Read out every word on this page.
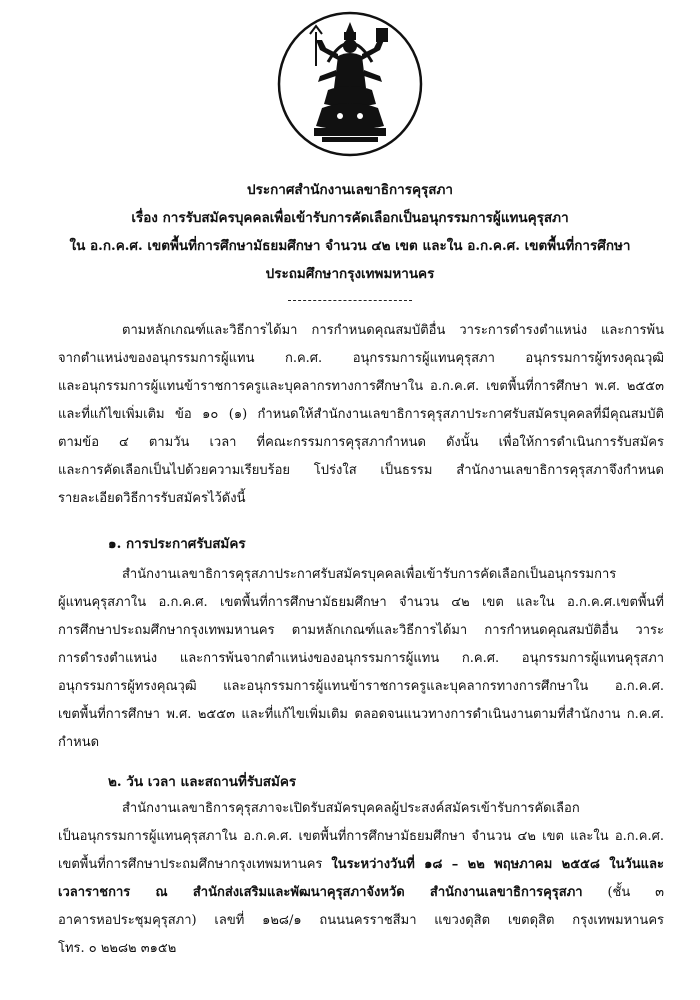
ประกาศสำนักงานเลขาธิการคุรุสภา
เรื่อง การรับสมัครบุคคลเพื่อเข้ารับการคัดเลือกเป็นอนุกรรมการผู้แทนคุรุสภา
ใน อ.ก.ค.ศ. เขตพื้นที่การศึกษามัธยมศึกษา จำนวน ๔๒ เขต และใน อ.ก.ค.ศ. เขตพื้นที่การศึกษา
ประถมศึกษากรุงเทพมหานคร
ตามหลักเกณฑ์และวิธีการได้มา การกำหนดคุณสมบัติอื่น วาระการดำรงตำแหน่ง และการพ้น
จากตำแหน่งของอนุกรรมการผู้แทน ก.ค.ศ. อนุกรรมการผู้แทนคุรุสภา อนุกรรมการผู้ทรงคุณวุฒิ
และอนุกรรมการผู้แทนข้าราชการครูและบุคลากรทางการศึกษาใน อ.ก.ค.ศ. เขตพื้นที่การศึกษา พ.ศ. ๒๕๕๓
และที่แก้ไขเพิ่มเติม ข้อ ๑๐ (๑) กำหนดให้สำนักงานเลขาธิการคุรุสภาประกาศรับสมัครบุคคลที่มีคุณสมบัติ
ตามข้อ ๔ ตามวัน เวลา ที่คณะกรรมการคุรุสภากำหนด ดังนั้น เพื่อให้การดำเนินการรับสมัคร
และการคัดเลือกเป็นไปด้วยความเรียบร้อย โปร่งใส เป็นธรรม สำนักงานเลขาธิการคุรุสภาจึงกำหนด
รายละเอียดวิธีการรับสมัครไว้ดังนี้
๑. การประกาศรับสมัคร
สำนักงานเลขาธิการคุรุสภาประกาศรับสมัครบุคคลเพื่อเข้ารับการคัดเลือกเป็นอนุกรรมการ
ผู้แทนคุรุสภาใน อ.ก.ค.ศ. เขตพื้นที่การศึกษามัธยมศึกษา จำนวน ๔๒ เขต และใน อ.ก.ค.ศ.เขตพื้นที่
การศึกษาประถมศึกษากรุงเทพมหานคร ตามหลักเกณฑ์และวิธีการได้มา การกำหนดคุณสมบัติอื่น วาระ
การดำรงตำแหน่ง และการพ้นจากตำแหน่งของอนุกรรมการผู้แทน ก.ค.ศ. อนุกรรมการผู้แทนคุรุสภา
อนุกรรมการผู้ทรงคุณวุฒิ และอนุกรรมการผู้แทนข้าราชการครูและบุคลากรทางการศึกษาใน อ.ก.ค.ศ.
เขตพื้นที่การศึกษา พ.ศ. ๒๕๕๓ และที่แก้ไขเพิ่มเติม ตลอดจนแนวทางการดำเนินงานตามที่สำนักงาน ก.ค.ศ.
กำหนด
๒. วัน เวลา และสถานที่รับสมัคร
สำนักงานเลขาธิการคุรุสภาจะเปิดรับสมัครบุคคลผู้ประสงค์สมัครเข้ารับการคัดเลือก
เป็นอนุกรรมการผู้แทนคุรุสภาใน อ.ก.ค.ศ. เขตพื้นที่การศึกษามัธยมศึกษา จำนวน ๔๒ เขต และใน อ.ก.ค.ศ.
เขตพื้นที่การศึกษาประถมศึกษากรุงเทพมหานคร ในระหว่างวันที่ ๑๘ – ๒๒ พฤษภาคม ๒๕๕๘ ในวันและ
เวลาราชการ ณ สำนักส่งเสริมและพัฒนาคุรุสภาจังหวัด สำนักงานเลขาธิการคุรุสภา (ชั้น ๓
อาคารหอประชุมคุรุสภา) เลขที่ ๑๒๘/๑ ถนนนครราชสีมา แขวงดุสิต เขตดุสิต กรุงเทพมหานคร
โทร. ๐ ๒๒๘๒ ๓๑๕๒
